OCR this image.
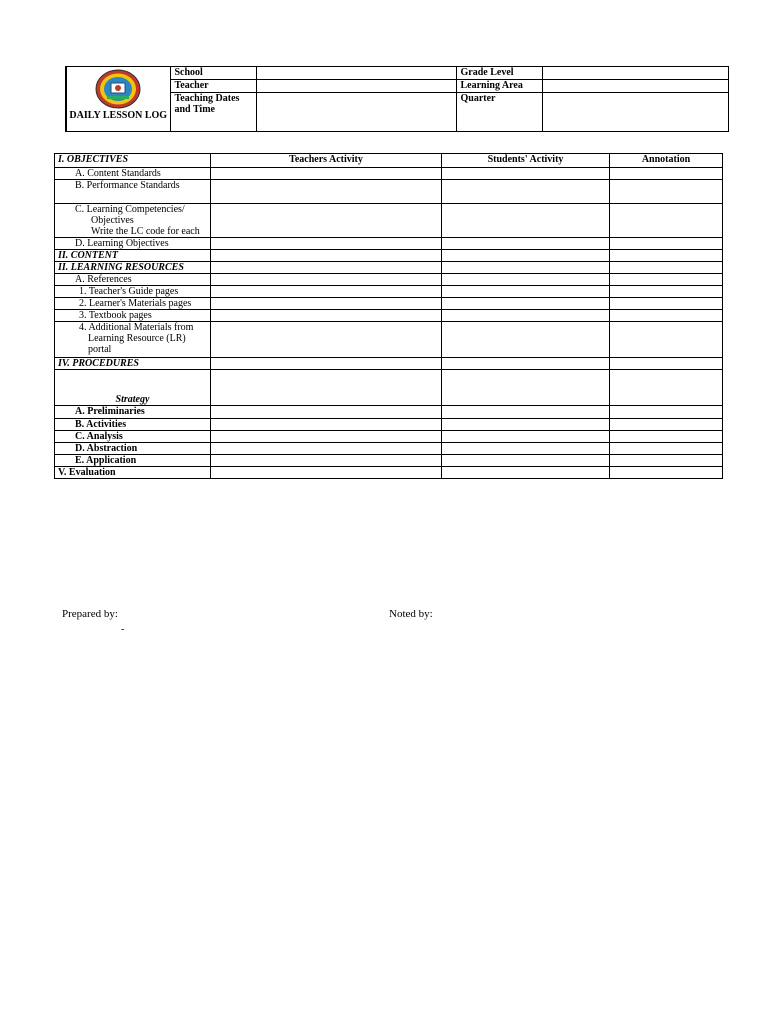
DAILY LESSON LOG	School		Grade Level	
	Teacher		Learning Area	
	Teaching Dates and Time		Quarter	
I. OBJECTIVES	Teachers Activity	Students' Activity	Annotation
A. Content Standards			
B. Performance Standards			
C. Learning Competencies/ Objectives
Write the LC code for each			
D. Learning Objectives			
II. CONTENT			
II. LEARNING RESOURCES			
A. References			
1. Teacher's Guide pages			
2. Learner's Materials pages			
3. Textbook pages			
4. Additional Materials from Learning Resource (LR) portal			
IV. PROCEDURES			
Strategy			
A. Preliminaries			
B. Activities			
C. Analysis			
D. Abstraction			
E. Application			
V. Evaluation			
Prepared by:	Noted by:
-
